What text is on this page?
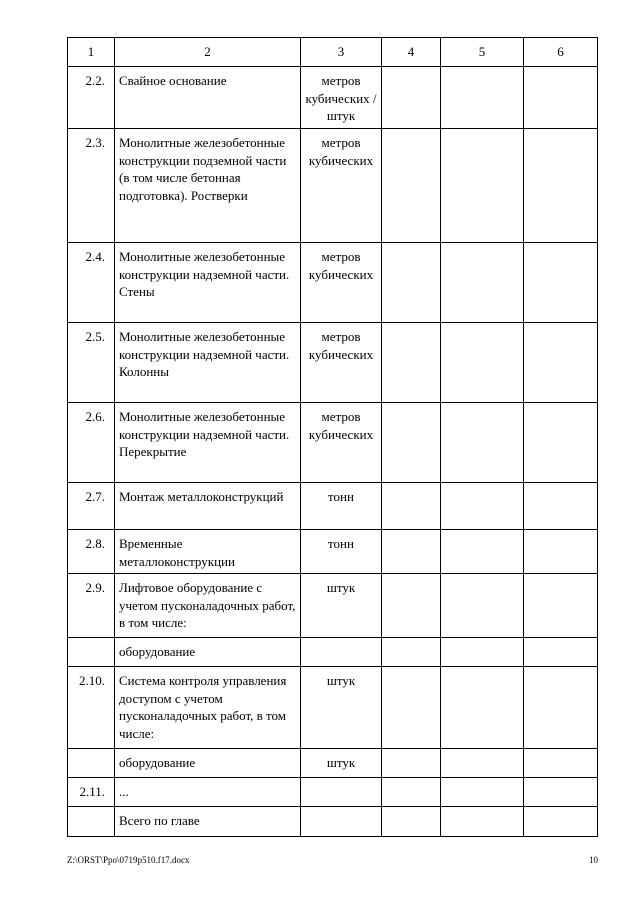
1	2	3	4	5	6
2.2.	Свайное основание	метров кубических /штук			
2.3.	Монолитные железобетонные конструкции подземной части (в том числе бетонная подготовка). Ростверки	метров кубических			
2.4.	Монолитные железобетонные конструкции надземной части. Стены	метров кубических			
2.5.	Монолитные железобетонные конструкции надземной части. Колонны	метров кубических			
2.6.	Монолитные железобетонные конструкции надземной части. Перекрытие	метров кубических			
2.7.	Монтаж металлоконструкций	тонн			
2.8.	Временные металлоконструкции	тонн			
2.9.	Лифтовое оборудование с учетом пусконаладочных работ, в том числе:	штук			
	оборудование				
2.10.	Система контроля управления доступом с учетом пусконаладочных работ, в том числе:	штук			
	оборудование	штук			
2.11.	...				
	Всего по главе				
Z:\ORST\Ppo\0719p510.f17.docx	10
